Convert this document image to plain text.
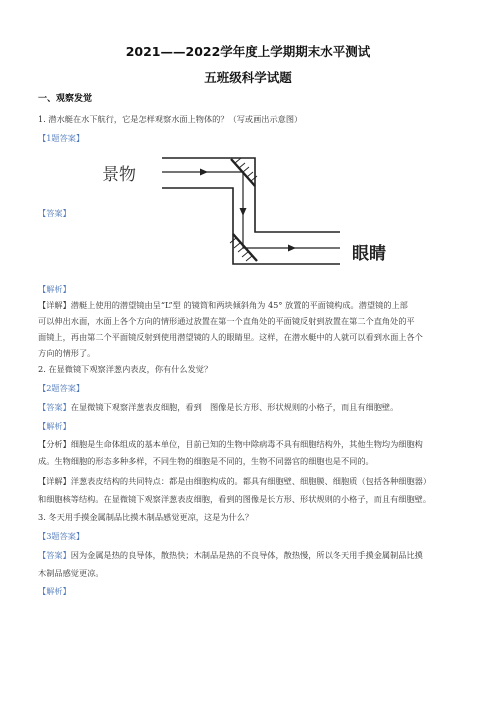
2021——2022学年度上学期期末水平测试
五班级科学试题
一、观察发觉
1. 潜水艇在水下航行，它是怎样观察水面上物体的？（写或画出示意图）
【1题答案】
【答案】
景物
眼睛
【解析】
【详解】潜艇上使用的潜望镜由呈“L”型 的镜筒和两块倾斜角为 45° 放置的平面镜构成。潜望镜的上部
可以伸出水面，水面上各个方向的情形通过放置在第一个直角处的平面镜反射到放置在第二个直角处的平
面镜上，再由第二个平面镜反射到使用潜望镜的人的眼睛里。这样，在潜水艇中的人就可以看到水面上各个
方向的情形了。
2. 在显微镜下观察洋葱内表皮，你有什么发觉？
【2题答案】
【答案】在显微镜下观察洋葱表皮细胞，看到　图像是长方形、形状规则的小格子，而且有细胞壁。
【解析】
【分析】细胞是生命体组成的基本单位，目前已知的生物中除病毒不具有细胞结构外，其他生物均为细胞构
成。生物细胞的形态多种多样，不同生物的细胞是不同的，生物不同器官的细胞也是不同的。
【详解】洋葱表皮结构的共同特点：都是由细胞构成的。都具有细胞壁、细胞膜、细胞质（包括各种细胞器）
和细胞核等结构。在显微镜下观察洋葱表皮细胞，看到的图像是长方形、形状规则的小格子，而且有细胞壁。
3. 冬天用手摸金属制品比摸木制品感觉更凉，这是为什么？
【3题答案】
【答案】因为金属是热的良导体，散热快；木制品是热的不良导体，散热慢，所以冬天用手摸金属制品比摸
木制品感觉更凉。
【解析】
